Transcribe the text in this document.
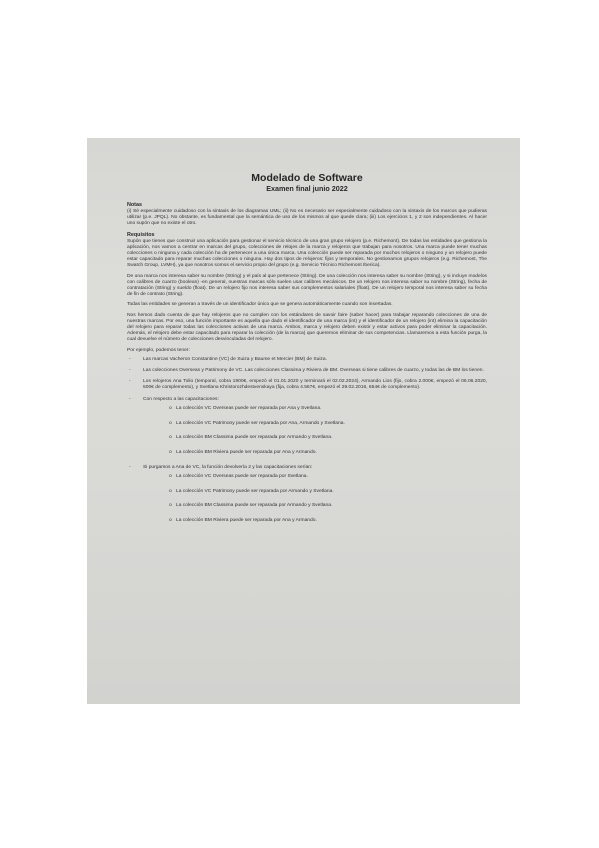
Modelado de Software
Examen final junio 2022
Notas

(i) Sé especialmente cuidadoso con la sintaxis de los diagramas UML; (ii) No es necesario ser especialmente cuidadoso con la sintaxis de los marcos que pudieras utilizar (p.e. JPQL). No obstante, es fundamental que la semántica de uso de los mismos al que quede clara; (iii) Los ejercicios 1, y 2 son independientes. Al hacer uno supón que no existe el otro.

Requisitos

Supón que tienes que construir una aplicación para gestionar el servicio técnico de una gran grupo relojero (p.e. Richemont). De todas las entidades que gestiona la aplicación, nos vamos a centrar en marcas del grupo, colecciones de relojes de la marca y relojeros que trabajan para nosotros. Una marca puede tener muchas colecciones o ninguna y cada colección ha de pertenecer a una única marca. Una colección puede ser reparada por muchos relojeros o ninguno y un relojero puede estar capacitado para reparar muchas colecciones o ninguna. Hay dos tipos de relojeros: fijos y temporales. No gestionamos grupos relojeros (e.g. Richemont, The Swatch Group, LVMH), ya que nosotros somos el servicio propio del grupo (e.g. Servicio Técnico Richemont Iberica).

De una marca nos interesa saber su nombre (String) y el país al que pertenece (String). De una colección nos interesa saber su nombre (String), y si incluye modelos con calibres de cuarzo (boolean) -en general, nuestras marcas sólo suelen usar calibres mecánicos. De un relojero nos interesa saber su nombre (String), fecha de contratación (String) y sueldo (float). De un relojero fijo nos interesa saber sus complementos salariales (float). De un relojero temporal nos interesa saber su fecha de fin de contrato (String).

Todas las entidades se generan a través de un identificador único que se genera automáticamente cuando son insertadas.

Nos hemos dado cuenta de que hay relojeros que no cumplen con los estándares de savoir faire (saber hacer) para trabajar reparando colecciones de una de nuestras marcas. Por eso, una función importante es aquella que dado el identificador de una marca (int) y el identificador de un relojero (int) elimina la capacitación del relojero para reparar todas las colecciones activas de una marca. Ambos, marca y relojero deben existir y estar activos para poder eliminar la capacitación. Además, el relojero debe estar capacitado para reparar la colección (de la marca) que queremos eliminar de sus competencias. Llamaremos a esta función purga, la cual devuelve el número de colecciones desvinculadas del relojero.

Por ejemplo, podemos tener:

-	Las marcas Vacheron Constantine (VC) de Suiza y Baume et Mercier (BM) de Suiza.
-	Las colecciones Overseas y Patrimony de VC. Las colecciones Classima y Riviera de BM. Overseas si tiene calibres de cuarzo, y todas las de BM los tienen.
-	Los relojeros Ana Tolio (temporal, cobra 1900€, empezó el 01.01.2020 y terminará el 02.02.2024), Armando Lios (fijo, cobra 2.000€, empezó el 06.06.2020, 500€ de complemento), y Svetlana Khristorozhdestvenskaya (fija, cobra 4.567€, empezó el 29.02.2016, 654€ de complemento).
-	Con respecto a las capacitaciones:
o La colección VC Overseas puede ser reparada por Ana y Svetlana.
o La colección VC Patrimony puede ser reparada por Ana, Armando y Svetlana.
o La colección BM Classima puede ser reparada por Armando y Svetlana.
o La colección BM Riviera puede ser reparada por Ana y Armando.
-	Si purgamos a Ana de VC, la función devolvería 2 y las capacitaciones serían:
o La colección VC Overseas puede ser reparada por Svetlana.
o La colección VC Patrimony puede ser reparada por Armando y Svetlana.
o La colección BM Classima puede ser reparada por Armando y Svetlana.
o La colección BM Riviera puede ser reparada por Ana y Armando.
